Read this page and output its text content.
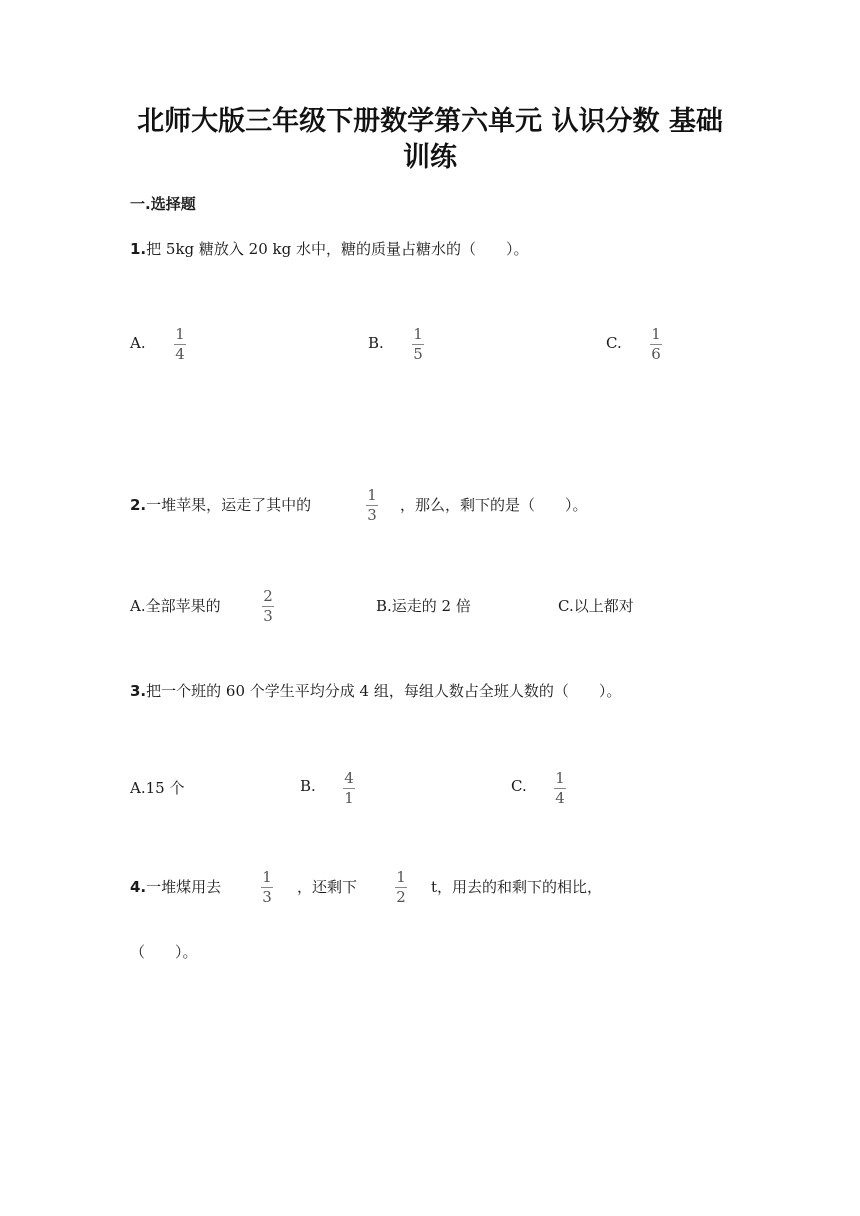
北师大版三年级下册数学第六单元 认识分数 基础
训练
一.选择题
1.把 5kg 糖放入 20 kg 水中，糖的质量占糖水的（　　）。
A. 1
4
B. 1
5
C. 1
6
2.一堆苹果，运走了其中的
1
3
，那么，剩下的是（　　）。
A.全部苹果的
2
3
B.运走的 2 倍	C.以上都对
3.把一个班的 60 个学生平均分成 4 组，每组人数占全班人数的（　　）。
A.15 个	B. 4
1
C. 1
4
4.一堆煤用去
1
3
，还剩下
1
2
t，用去的和剩下的相比，
（　　）。
